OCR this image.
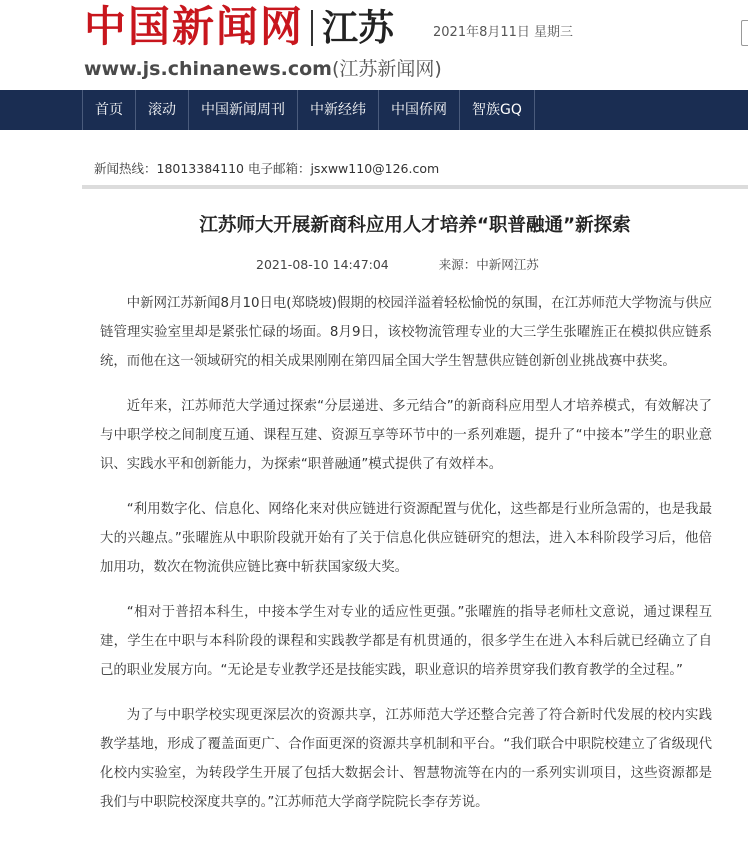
中国新闻网 江苏	2021年8月11日 星期三
www.js.chinanews.com(江苏新闻网)
首页	滚动	中国新闻周刊	中新经纬	中国侨网	智族GQ
新闻热线：18013384110 电子邮箱：jsxww110@126.com
江苏师大开展新商科应用人才培养“职普融通”新探索
2021-08-10 14:47:04	来源：中新网江苏

中新网江苏新闻8月10日电(郑晓坡)假期的校园洋溢着轻松愉悦的氛围，在江苏师范大学物流与供应链管理实验室里却是紧张忙碌的场面。8月9日，该校物流管理专业的大三学生张曜旌正在模拟供应链系统，而他在这一领域研究的相关成果刚刚在第四届全国大学生智慧供应链创新创业挑战赛中获奖。

近年来，江苏师范大学通过探索“分层递进、多元结合”的新商科应用型人才培养模式，有效解决了与中职学校之间制度互通、课程互建、资源互享等环节中的一系列难题，提升了“中接本”学生的职业意识、实践水平和创新能力，为探索“职普融通”模式提供了有效样本。

“利用数字化、信息化、网络化来对供应链进行资源配置与优化，这些都是行业所急需的，也是我最大的兴趣点。”张曜旌从中职阶段就开始有了关于信息化供应链研究的想法，进入本科阶段学习后，他倍加用功，数次在物流供应链比赛中斩获国家级大奖。

“相对于普招本科生，中接本学生对专业的适应性更强。”张曜旌的指导老师杜文意说，通过课程互建，学生在中职与本科阶段的课程和实践教学都是有机贯通的，很多学生在进入本科后就已经确立了自己的职业发展方向。“无论是专业教学还是技能实践，职业意识的培养贯穿我们教育教学的全过程。”

为了与中职学校实现更深层次的资源共享，江苏师范大学还整合完善了符合新时代发展的校内实践教学基地，形成了覆盖面更广、合作面更深的资源共享机制和平台。“我们联合中职院校建立了省级现代化校内实验室，为转段学生开展了包括大数据会计、智慧物流等在内的一系列实训项目，这些资源都是我们与中职院校深度共享的。”江苏师范大学商学院院长李存芳说。
